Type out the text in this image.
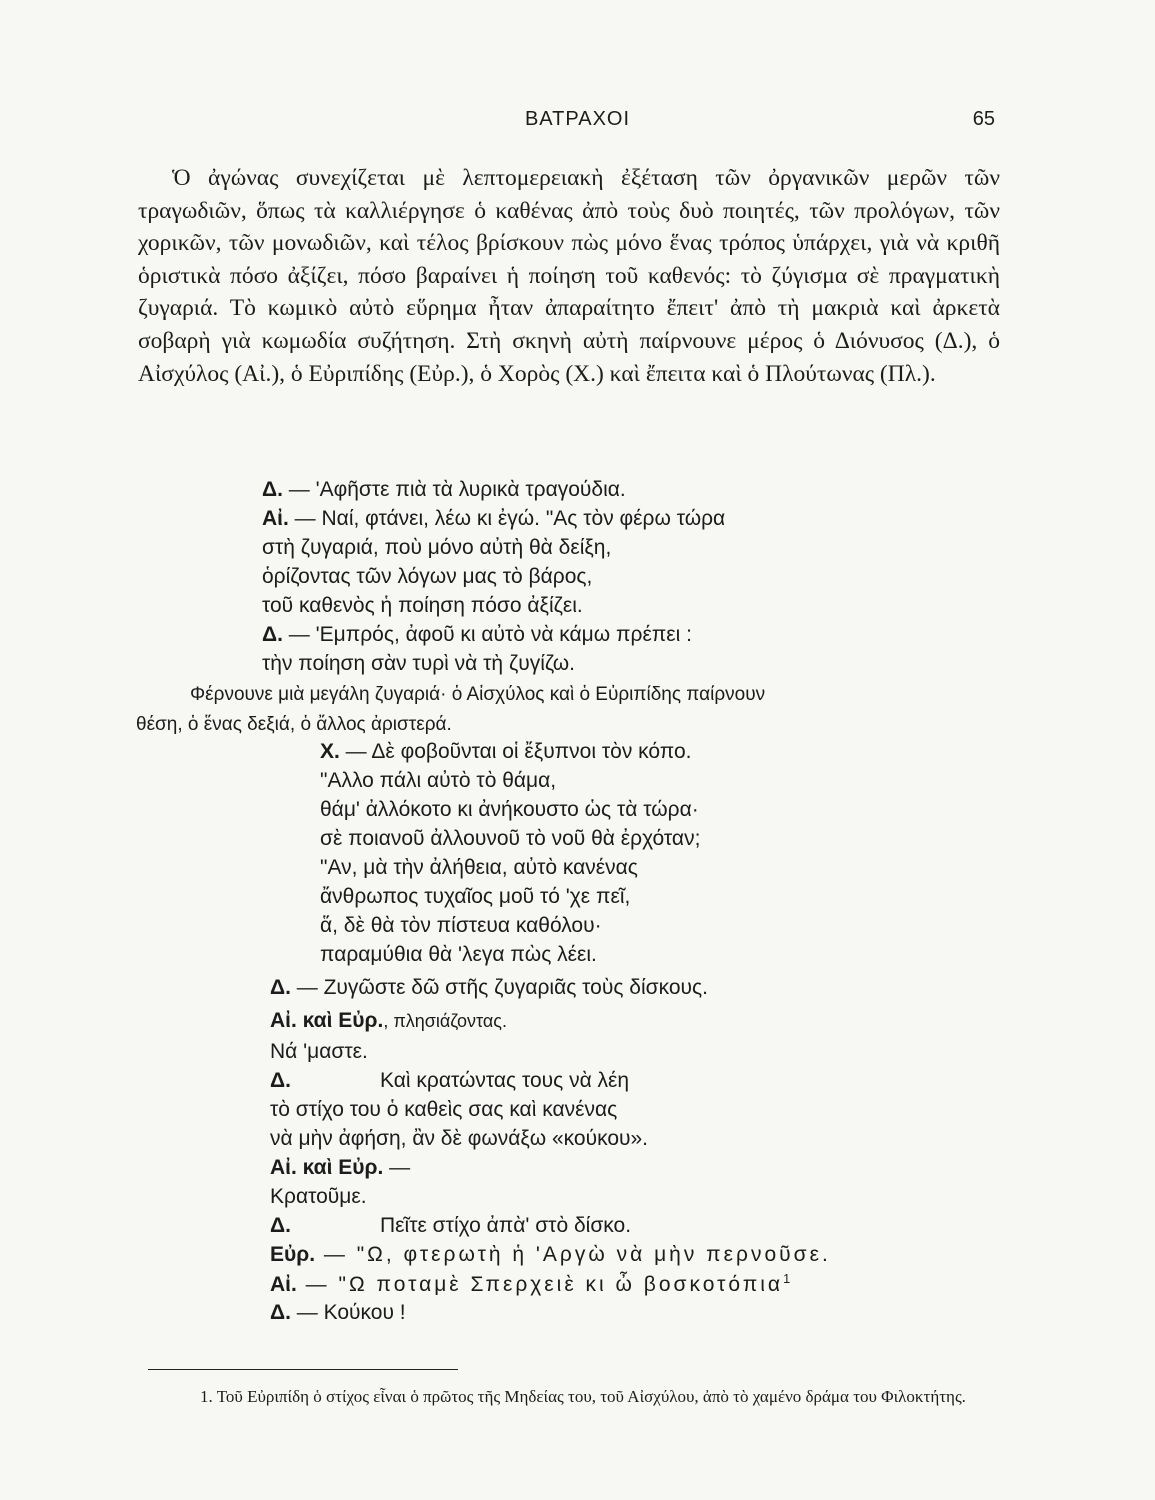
ΒΑΤΡΑΧΟΙ	65

Ὁ ἀγώνας συνεχίζεται μὲ λεπτομερειακὴ ἐξέταση τῶν ὀργανικῶν μερῶν τῶν τραγωδιῶν, ὅπως τὰ καλλιέργησε ὁ καθένας ἀπὸ τοὺς δυὸ ποιητές, τῶν προλόγων, τῶν χορικῶν, τῶν μονωδιῶν, καὶ τέλος βρίσκουν πὼς μόνο ἕνας τρόπος ὑπάρχει, γιὰ νὰ κριθῆ ὁριστικὰ πόσο ἀξίζει, πόσο βαραίνει ἡ ποίηση τοῦ καθενός: τὸ ζύγισμα σὲ πραγματικὴ ζυγαριά. Τὸ κωμικὸ αὐτὸ εὕρημα ἦταν ἀπαραίτητο ἔπειτ' ἀπὸ τὴ μακριὰ καὶ ἀρκετὰ σοβαρὴ γιὰ κωμωδία συζήτηση. Στὴ σκηνὴ αὐτὴ παίρνουνε μέρος ὁ Διόνυσος (Δ.), ὁ Αἰσχύλος (Αἰ.), ὁ Εὐριπίδης (Εὐρ.), ὁ Χορὸς (Χ.) καὶ ἔπειτα καὶ ὁ Πλούτωνας (Πλ.).

Δ. — 'Αφῆστε πιὰ τὰ λυρικὰ τραγούδια.
Αἰ. — Ναί, φτάνει, λέω κι ἐγώ. "Ας τὸν φέρω τώρα
στὴ ζυγαριά, ποὺ μόνο αὐτὴ θὰ δείξη,
ὁρίζοντας τῶν λόγων μας τὸ βάρος,
τοῦ καθενὸς ἡ ποίηση πόσο ἀξίζει.
Δ. — 'Εμπρός, ἀφοῦ κι αὐτὸ νὰ κάμω πρέπει :
τὴν ποίηση σὰν τυρὶ νὰ τὴ ζυγίζω.
Φέρνουνε μιὰ μεγάλη ζυγαριά· ὁ Αἰσχύλος καὶ ὁ Εὐριπίδης παίρνουν
θέση, ὁ ἕνας δεξιά, ὁ ἄλλος ἀριστερά.
Χ. — Δὲ φοβοῦνται οἱ ἔξυπνοι τὸν κόπο.
"Αλλο πάλι αὐτὸ τὸ θάμα,
θάμ' ἀλλόκοτο κι ἀνήκουστο ὡς τὰ τώρα·
σὲ ποιανοῦ ἀλλουνοῦ τὸ νοῦ θὰ ἐρχόταν;
"Αν, μὰ τὴν ἀλήθεια, αὐτὸ κανένας
ἄνθρωπος τυχαῖος μοῦ τό 'χε πεῖ,
ἅ, δὲ θὰ τὸν πίστευα καθόλου·
παραμύθια θὰ 'λεγα πὼς λέει.
Δ. — Ζυγῶστε δῶ στῆς ζυγαριᾶς τοὺς δίσκους.
Αἰ. καὶ Εὐρ., πλησιάζοντας.
Νά 'μαστε.
Δ.	Καὶ κρατώντας τους νὰ λέη
τὸ στίχο του ὁ καθεὶς σας καὶ κανένας
νὰ μὴν ἀφήση, ἂν δὲ φωνάξω «κούκου».
Αἰ. καὶ Εὐρ. —
Κρατοῦμε.
Δ.	Πεῖτε στίχο ἀπὰ' στὸ δίσκο.
Εὐρ. — "Ω, φτερωτὴ ἡ 'Αργὼ νὰ μὴν περνοῦσε.
Αἰ. — "Ω ποταμὲ Σπερχειὲ κι ὦ βοσκοτόπια$^1$
Δ. — Κούκου !

1. Τοῦ Εὐριπίδη ὁ στίχος εἶναι ὁ πρῶτος τῆς Μηδείας του, τοῦ Αἰσχύλου, ἀπὸ τὸ χαμένο δράμα του Φιλοκτήτης.
